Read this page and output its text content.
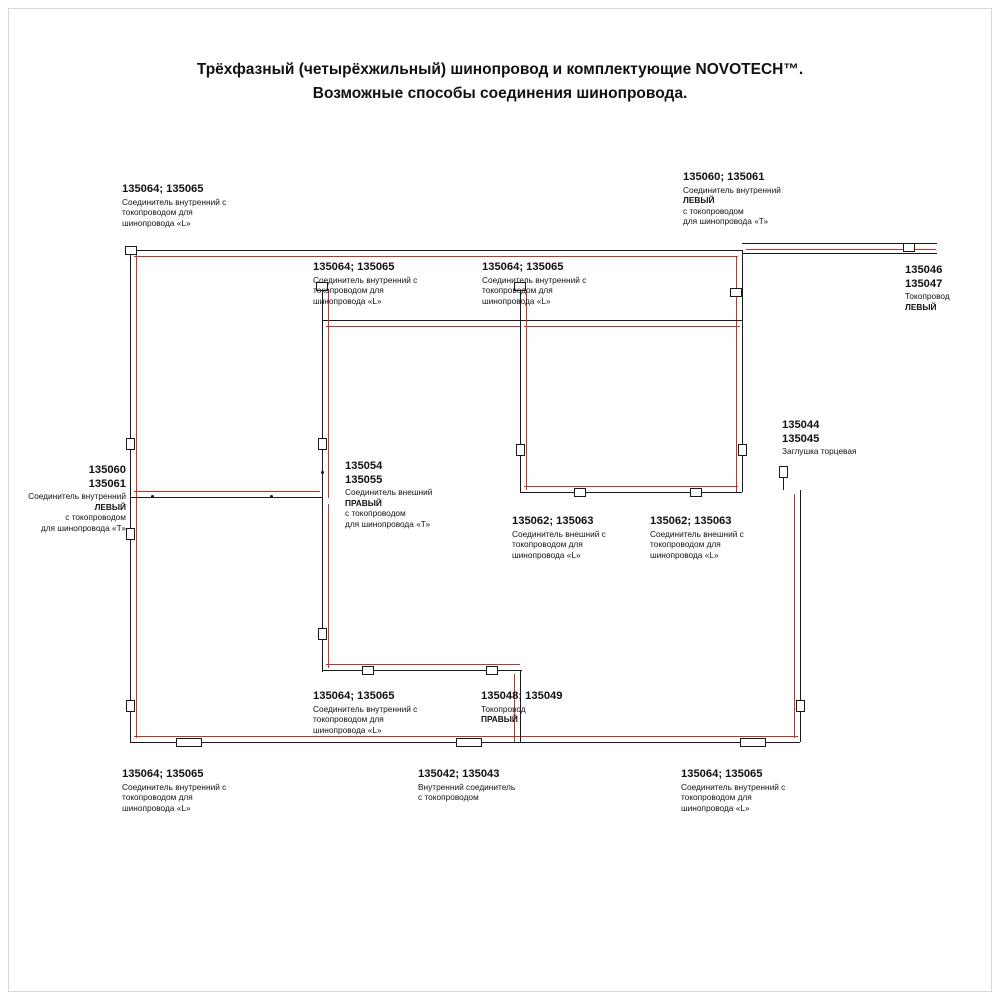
Трёхфазный (четырёхжильный) шинопровод и комплектующие NOVOTECH™.
Возможные способы соединения шинопровода.
135064; 135065
Соединитель внутренний с
токопроводом для
шинопровода «L»
135060; 135061
Соединитель внутренний
ЛЕВЫЙ
с токопроводом
для шинопровода «Т»
135046
135047
Токопровод
ЛЕВЫЙ
135064; 135065
Соединитель внутренний с
токопроводом для
шинопровода «L»
135064; 135065
Соединитель внутренний с
токопроводом для
шинопровода «L»
135044
135045
Заглушка торцевая
135060
135061
Соединитель внутренний
ЛЕВЫЙ
с токопроводом
для шинопровода «Т»
135054
135055
Соединитель внешний
ПРАВЫЙ
с токопроводом
для шинопровода «Т»	135062; 135063
Соединитель внешний с
токопроводом для
шинопровода «L»
135062; 135063
Соединитель внешний с
токопроводом для
шинопровода «L»
135064; 135065
Соединитель внутренний с
токопроводом для
шинопровода «L»
135048; 135049
Токопровод
ПРАВЫЙ
135064; 135065
Соединитель внутренний с
токопроводом для
шинопровода «L»
135042; 135043
Внутренний соединитель
с токопроводом
135064; 135065
Соединитель внутренний с
токопроводом для
шинопровода «L»
